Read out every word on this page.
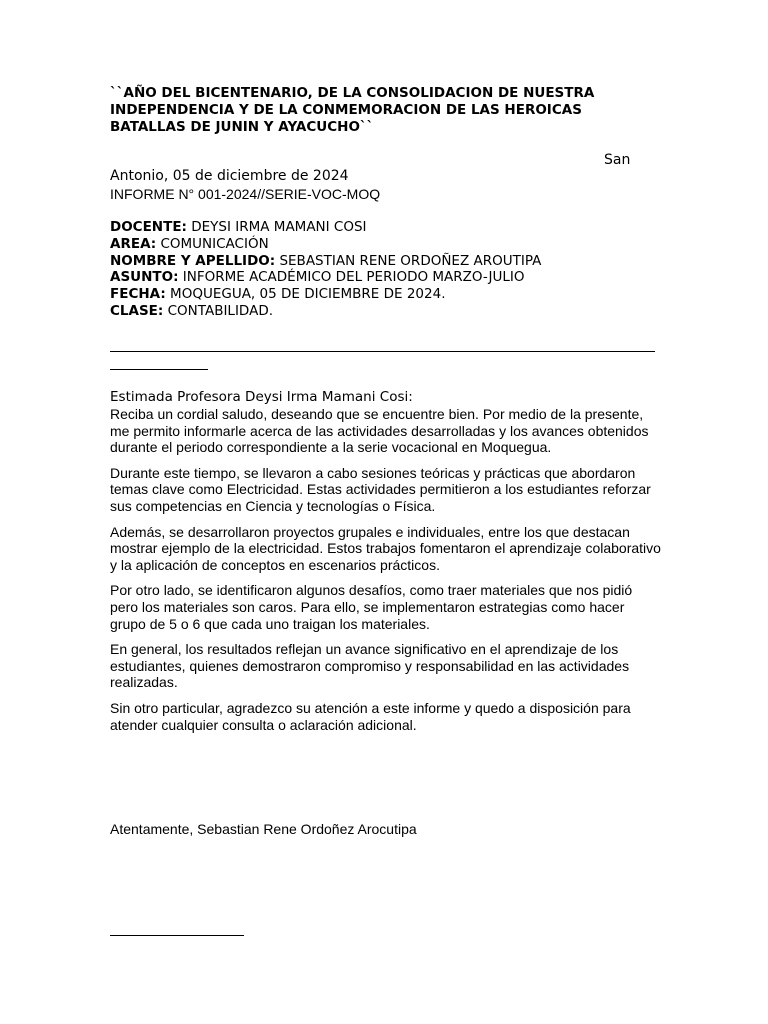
``AÑO DEL BICENTENARIO, DE LA CONSOLIDACION DE NUESTRA INDEPENDENCIA Y DE LA CONMEMORACION DE LAS HEROICAS BATALLAS DE JUNIN Y AYACUCHO``
San
Antonio, 05 de diciembre de 2024
INFORME N° 001-2024//SERIE-VOC-MOQ
DOCENTE: DEYSI IRMA MAMANI COSI
AREA: COMUNICACIÓN
NOMBRE Y APELLIDO: SEBASTIAN RENE ORDOÑEZ AROUTIPA
ASUNTO: INFORME ACADÉMICO DEL PERIODO MARZO-JULIO
FECHA: MOQUEGUA, 05 DE DICIEMBRE DE 2024.
CLASE: CONTABILIDAD.
Estimada Profesora Deysi Irma Mamani Cosi:

Reciba un cordial saludo, deseando que se encuentre bien. Por medio de la presente, me permito informarle acerca de las actividades desarrolladas y los avances obtenidos durante el periodo correspondiente a la serie vocacional en Moquegua.

Durante este tiempo, se llevaron a cabo sesiones teóricas y prácticas que abordaron temas clave como Electricidad. Estas actividades permitieron a los estudiantes reforzar sus competencias en Ciencia y tecnologías o Física.

Además, se desarrollaron proyectos grupales e individuales, entre los que destacan mostrar ejemplo de la electricidad. Estos trabajos fomentaron el aprendizaje colaborativo y la aplicación de conceptos en escenarios prácticos.

Por otro lado, se identificaron algunos desafíos, como traer materiales que nos pidió pero los materiales son caros. Para ello, se implementaron estrategias como hacer grupo de 5 o 6 que cada uno traigan los materiales.

En general, los resultados reflejan un avance significativo en el aprendizaje de los estudiantes, quienes demostraron compromiso y responsabilidad en las actividades realizadas.

Sin otro particular, agradezco su atención a este informe y quedo a disposición para atender cualquier consulta o aclaración adicional.

Atentamente, Sebastian Rene Ordoñez Arocutipa
